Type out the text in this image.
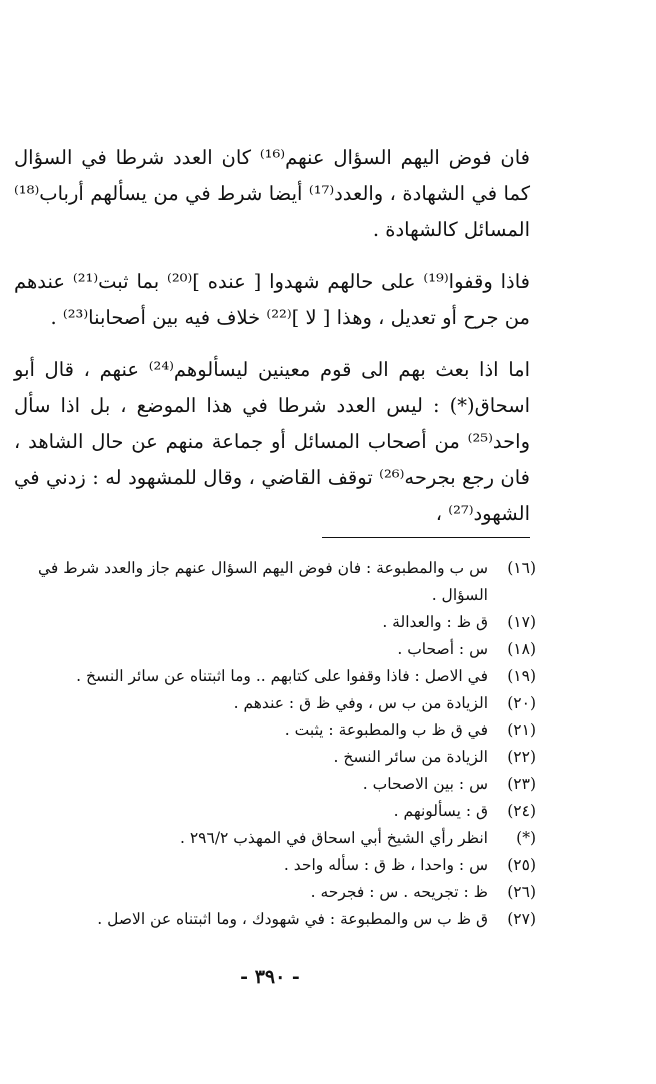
فان فوض اليهم السؤال عنهم⁽¹⁶⁾ كان العدد شرطا في السؤال كما في الشهادة ، والعدد⁽¹⁷⁾ أيضا شرط في من يسألهم أرباب⁽¹⁸⁾ المسائل كالشهادة .

فاذا وقفوا⁽¹⁹⁾ على حالهم شهدوا [ عنده ]⁽²⁰⁾ بما ثبت⁽²¹⁾ عندهم من جرح أو تعديل ، وهذا [ لا ]⁽²²⁾ خلاف فيه بين أصحابنا⁽²³⁾ .

اما اذا بعث بهم الى قوم معينين ليسألوهم⁽²⁴⁾ عنهم ، قال أبو اسحاق(*) : ليس العدد شرطا في هذا الموضع ، بل اذا سأل واحد⁽²⁵⁾ من أصحاب المسائل أو جماعة منهم عن حال الشاهد ، فان رجع بجرحه⁽²⁶⁾ توقف القاضي ، وقال للمشهود له : زدني في الشهود⁽²⁷⁾ ،

(١٦)
س ب والمطبوعة : فان فوض اليهم السؤال عنهم جاز والعدد شرط في السؤال .
(١٧)
ق ظ : والعدالة .
(١٨)
س : أصحاب .
(١٩)
في الاصل : فاذا وقفوا على كتابهم .. وما اثبتناه عن سائر النسخ .
(٢٠)
الزيادة من ب س ، وفي ظ ق : عندهم .
(٢١)
في ق ظ ب والمطبوعة : يثبت .
(٢٢)
الزيادة من سائر النسخ .
(٢٣)
س : بين الاصحاب .
(٢٤)
ق : يسألونهم .
(*)
انظر رأي الشيخ أبي اسحاق في المهذب ٢٩٦/٢ .
(٢٥)
س : واحدا ، ظ ق : سأله واحد .
(٢٦)
ظ : تجريحه . س : فجرحه .
(٢٧)
ق ظ ب س والمطبوعة : في شهودك ، وما اثبتناه عن الاصل .
- ٣٩٠ -
